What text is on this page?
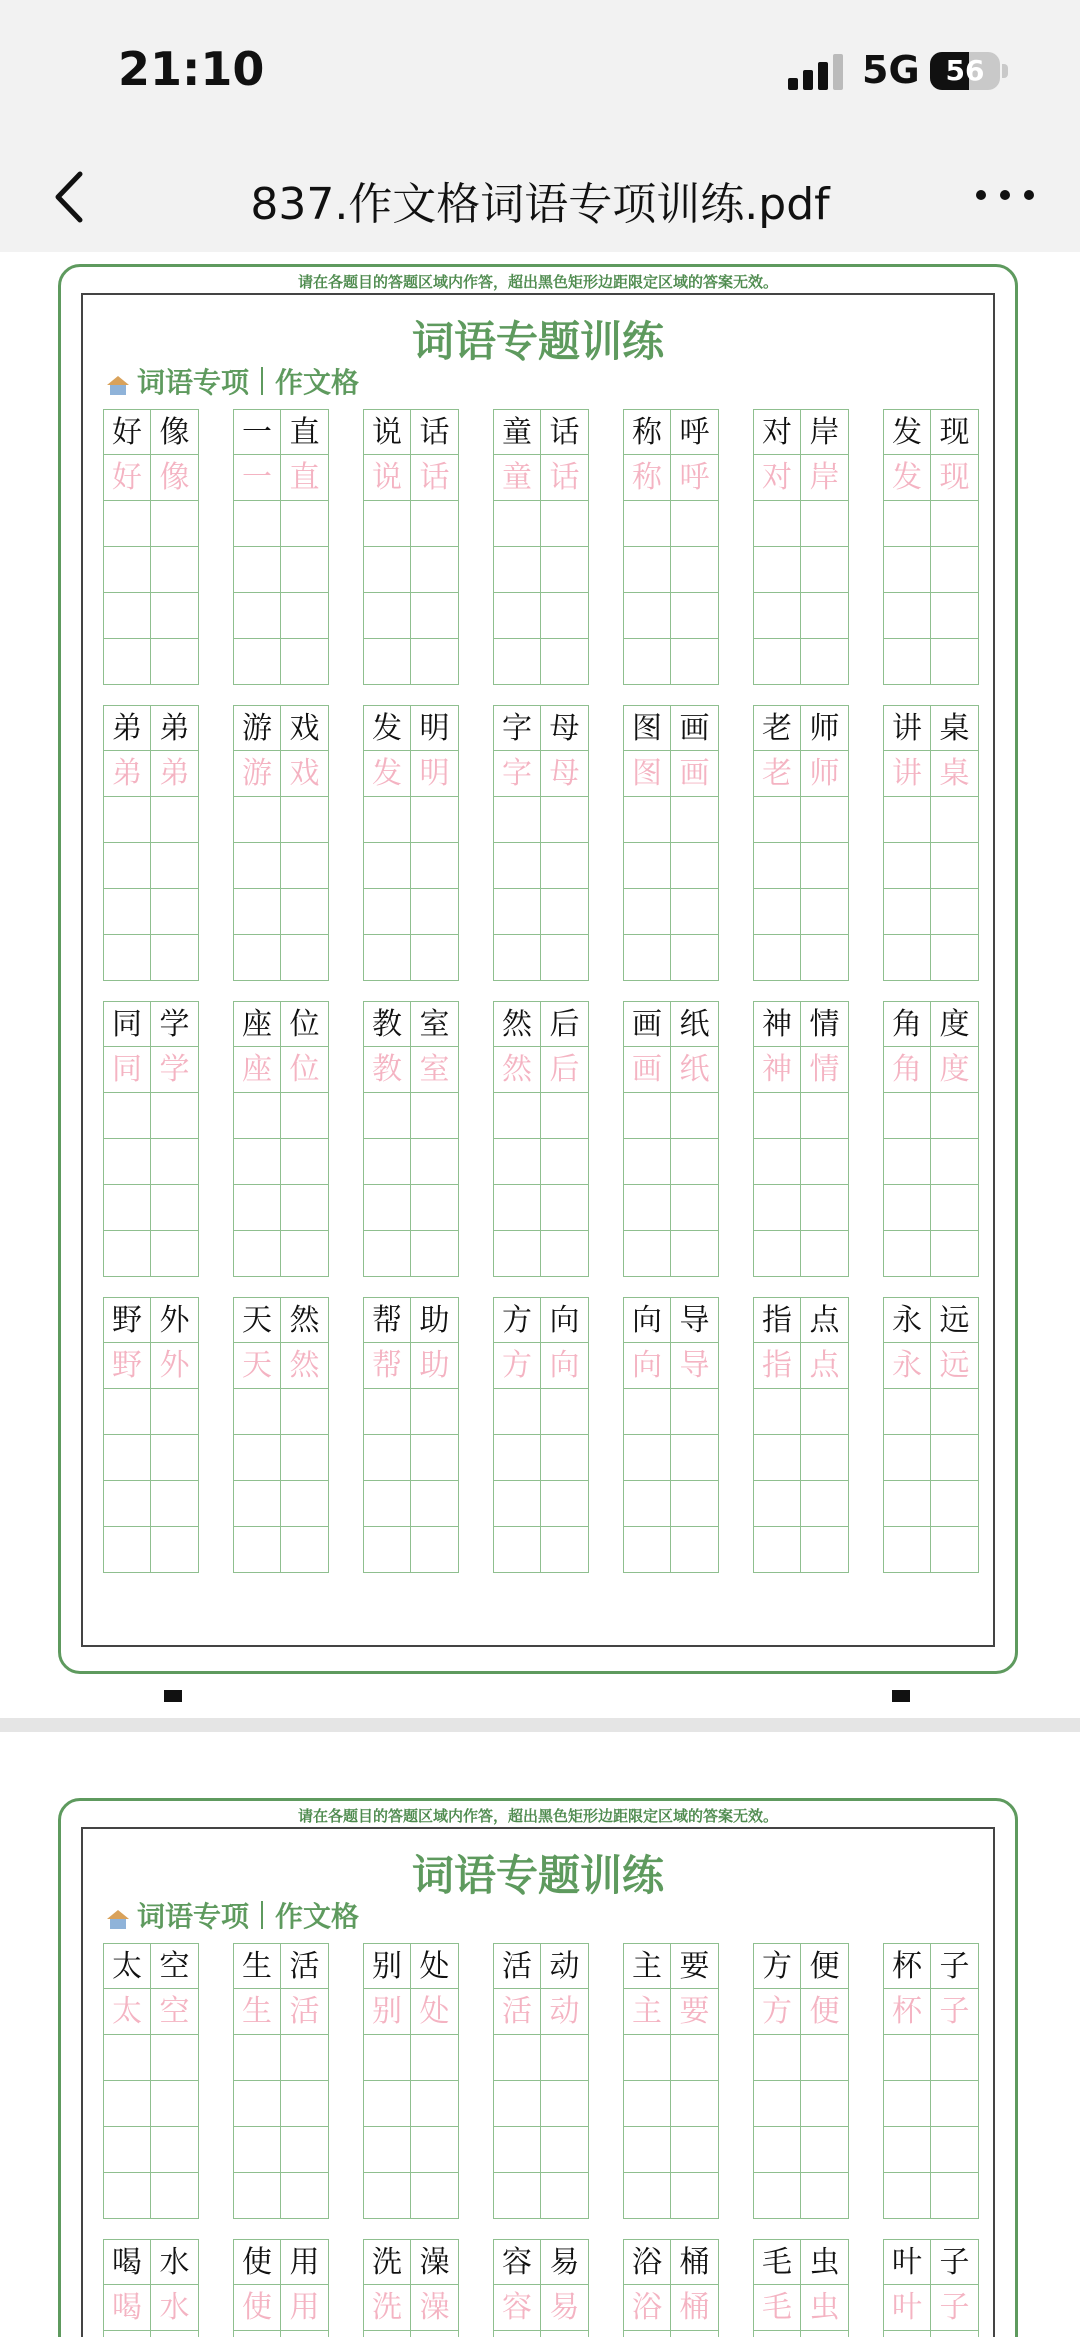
21:10	5G 56
837.作文格词语专项训练.pdf
请在各题目的答题区域内作答，超出黑色矩形边距限定区域的答案无效。
词语专题训练
词语专项 作文格
好 像
好 像
一 直
一 直
说 话
说 话
童 话
童 话
称 呼
称 呼
对 岸
对 岸
发 现
发 现
弟 弟
弟 弟
游 戏
游 戏
发 明
发 明
字 母
字 母
图 画
图 画
老 师
老 师
讲 桌
讲 桌
同 学
同 学
座 位
座 位
教 室
教 室
然 后
然 后
画 纸
画 纸
神 情
神 情
角 度
角 度
野 外
野 外
天 然
天 然
帮 助
帮 助
方 向
方 向
向 导
向 导
指 点
指 点
永 远
永 远
请在各题目的答题区域内作答，超出黑色矩形边距限定区域的答案无效。
词语专题训练
词语专项 作文格
太 空
太 空
生 活
生 活
别 处
别 处
活 动
活 动
主 要
主 要
方 便
方 便
杯 子
杯 子
喝 水
喝 水
使 用
使 用
洗 澡
洗 澡
容 易
容 易
浴 桶
浴 桶
毛 虫
毛 虫
叶 子
叶 子
